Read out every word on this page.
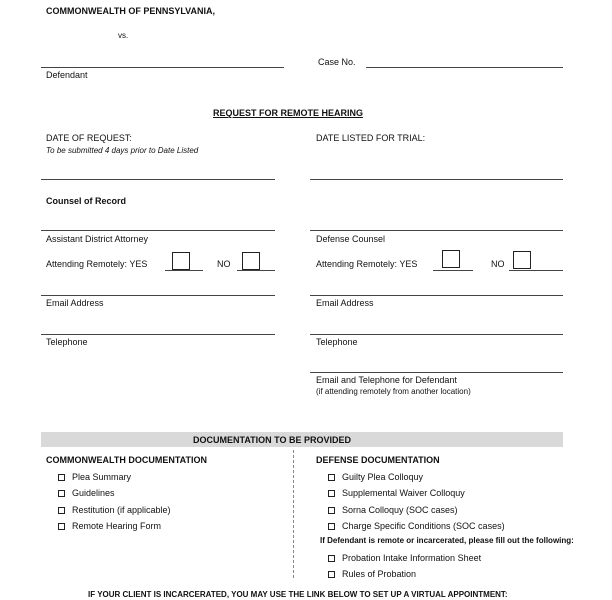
COMMONWEALTH OF PENNSYLVANIA,
vs.
Defendant
Case No.
REQUEST FOR REMOTE HEARING
DATE OF REQUEST:
To be submitted 4 days prior to Date Listed
DATE LISTED FOR TRIAL:
Counsel of Record
Assistant District Attorney
Attending Remotely: YES	NO
Email Address
Telephone
Defense Counsel
Attending Remotely: YES	NO
Email Address
Telephone
Email and Telephone for Defendant
(if attending remotely from another location)
DOCUMENTATION TO BE PROVIDED
COMMONWEALTH DOCUMENTATION
Plea Summary
Guidelines
Restitution (if applicable)
Remote Hearing Form
DEFENSE DOCUMENTATION
Guilty Plea Colloquy
Supplemental Waiver Colloquy
Sorna Colloquy (SOC cases)
Charge Specific Conditions (SOC cases)
If Defendant is remote or incarcerated, please fill out the following:
Probation Intake Information Sheet
Rules of Probation
IF YOUR CLIENT IS INCARCERATED, YOU MAY USE THE LINK BELOW TO SET UP A VIRTUAL APPOINTMENT:
